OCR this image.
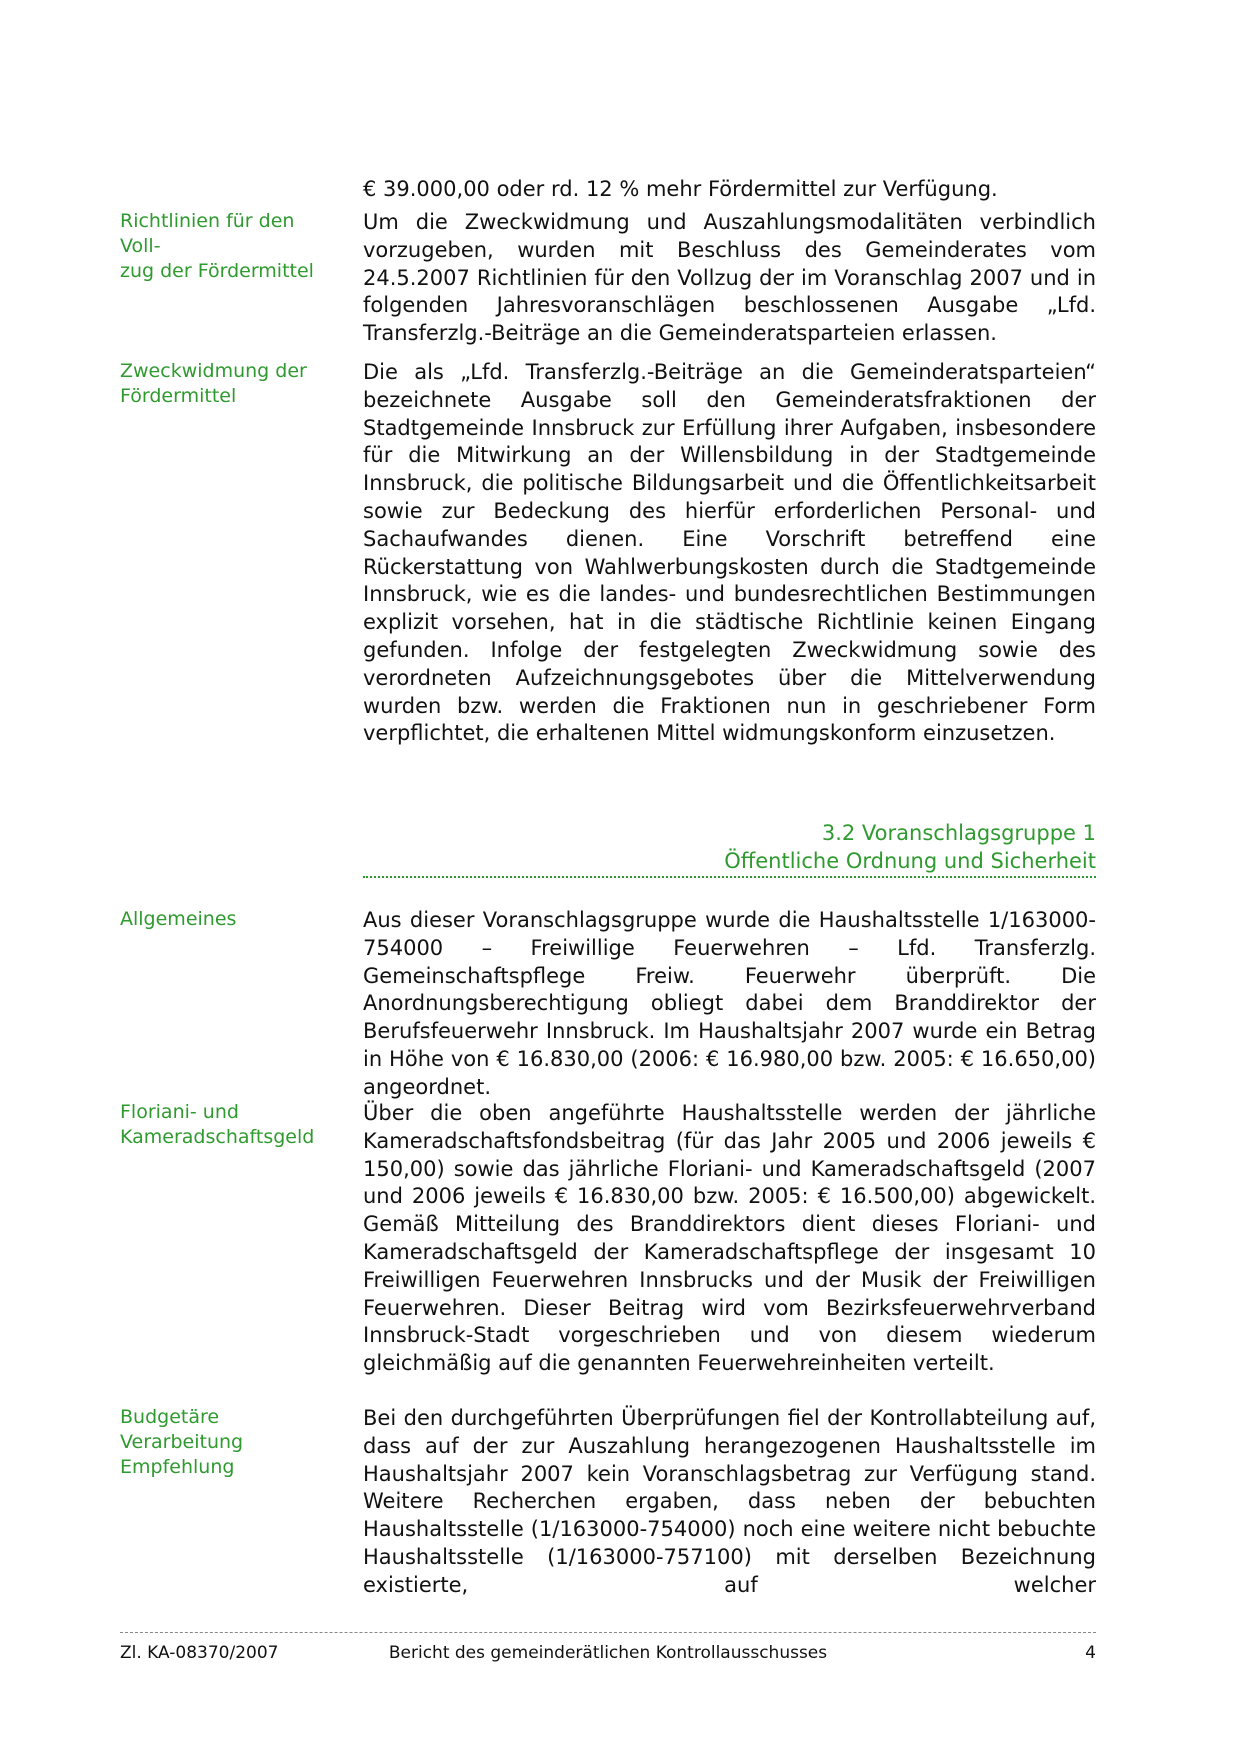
€ 39.000,00 oder rd. 12 % mehr Fördermittel zur Verfügung.

Richtlinien für den Voll-
zug der Fördermittel

Um die Zweckwidmung und Auszahlungsmodalitäten verbindlich vorzugeben, wurden mit Beschluss des Gemeinderates vom 24.5.2007 Richtlinien für den Vollzug der im Voranschlag 2007 und in folgenden Jahresvoranschlägen beschlossenen Ausgabe „Lfd. Transferzlg.-Beiträge an die Gemeinderatsparteien erlassen.

Zweckwidmung der
Fördermittel

Die als „Lfd. Transferzlg.-Beiträge an die Gemeinderatsparteien“ bezeichnete Ausgabe soll den Gemeinderatsfraktionen der Stadtgemeinde Innsbruck zur Erfüllung ihrer Aufgaben, insbesondere für die Mitwirkung an der Willensbildung in der Stadtgemeinde Innsbruck, die politische Bildungsarbeit und die Öffentlichkeitsarbeit sowie zur Bedeckung des hierfür erforderlichen Personal- und Sachaufwandes dienen. Eine Vorschrift betreffend eine Rückerstattung von Wahlwerbungskosten durch die Stadtgemeinde Innsbruck, wie es die landes- und bundesrechtlichen Bestimmungen explizit vorsehen, hat in die städtische Richtlinie keinen Eingang gefunden. Infolge der festgelegten Zweckwidmung sowie des verordneten Aufzeichnungsgebotes über die Mittelverwendung wurden bzw. werden die Fraktionen nun in geschriebener Form verpflichtet, die erhaltenen Mittel widmungskonform einzusetzen.

3.2 Voranschlagsgruppe 1
Öffentliche Ordnung und Sicherheit
Allgemeines	Aus dieser Voranschlagsgruppe wurde die Haushaltsstelle 1/163000-754000 – Freiwillige Feuerwehren – Lfd. Transferzlg. Gemeinschaftspflege Freiw. Feuerwehr überprüft. Die Anordnungsberechtigung obliegt dabei dem Branddirektor der Berufsfeuerwehr Innsbruck. Im Haushaltsjahr 2007 wurde ein Betrag in Höhe von € 16.830,00 (2006: € 16.980,00 bzw. 2005: € 16.650,00) angeordnet.

Floriani- und
Kameradschaftsgeld

Über die oben angeführte Haushaltsstelle werden der jährliche Kameradschaftsfondsbeitrag (für das Jahr 2005 und 2006 jeweils € 150,00) sowie das jährliche Floriani- und Kameradschaftsgeld (2007 und 2006 jeweils € 16.830,00 bzw. 2005: € 16.500,00) abgewickelt. Gemäß Mitteilung des Branddirektors dient dieses Floriani- und Kameradschaftsgeld der Kameradschaftspflege der insgesamt 10 Freiwilligen Feuerwehren Innsbrucks und der Musik der Freiwilligen Feuerwehren. Dieser Beitrag wird vom Bezirksfeuerwehrverband Innsbruck-Stadt vorgeschrieben und von diesem wiederum gleichmäßig auf die genannten Feuerwehreinheiten verteilt.

Budgetäre
Verarbeitung
Empfehlung

Bei den durchgeführten Überprüfungen fiel der Kontrollabteilung auf, dass auf der zur Auszahlung herangezogenen Haushaltsstelle im Haushaltsjahr 2007 kein Voranschlagsbetrag zur Verfügung stand. Weitere Recherchen ergaben, dass neben der bebuchten Haushaltsstelle (1/163000-754000) noch eine weitere nicht bebuchte Haushaltsstelle (1/163000-757100) mit derselben Bezeichnung existierte, auf welcher

Zl. KA-08370/2007	Bericht des gemeinderätlichen Kontrollausschusses	4
